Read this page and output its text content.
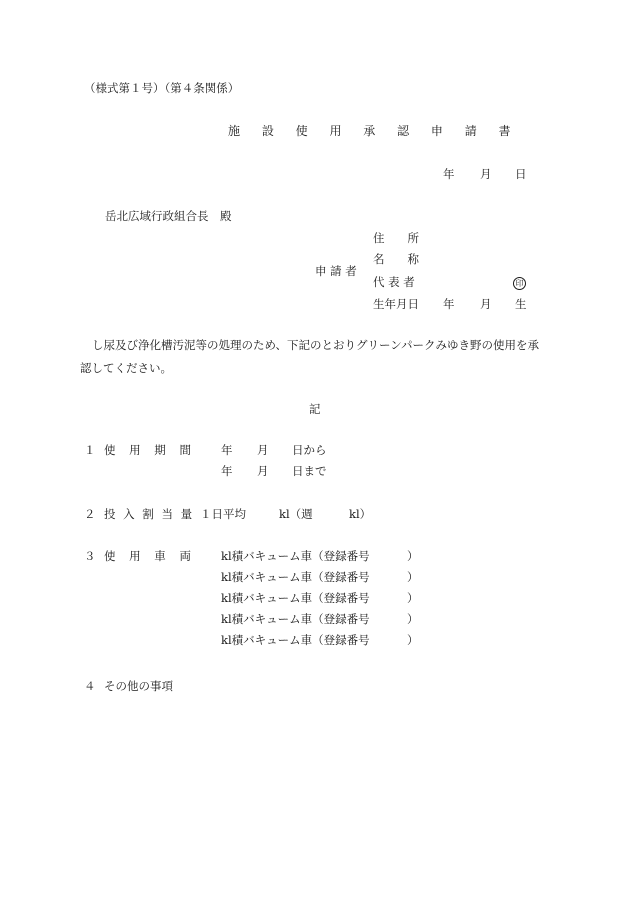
（様式第１号）（第４条関係）
施 設 使 用 承 認 申 請 書
年 月 日
岳北広域行政組合長　殿
申 請 者
住　　所
名　　称
代 表 者	印
生年月日 年 月 生
し尿及び浄化槽汚泥等の処理のため、下記のとおりグリーンパークみゆき野の使用を承認してください。
記
１ 使 用 期 間 年 月 日から
年 月 日まで
２ 投 入 割 当 量 １日平均	kl（週	kl）
３ 使 用 車 両 kl積バキューム車（登録番号	）
kl積バキューム車（登録番号	）
kl積バキューム車（登録番号	）
kl積バキューム車（登録番号	）
kl積バキューム車（登録番号	）
４ その他の事項
